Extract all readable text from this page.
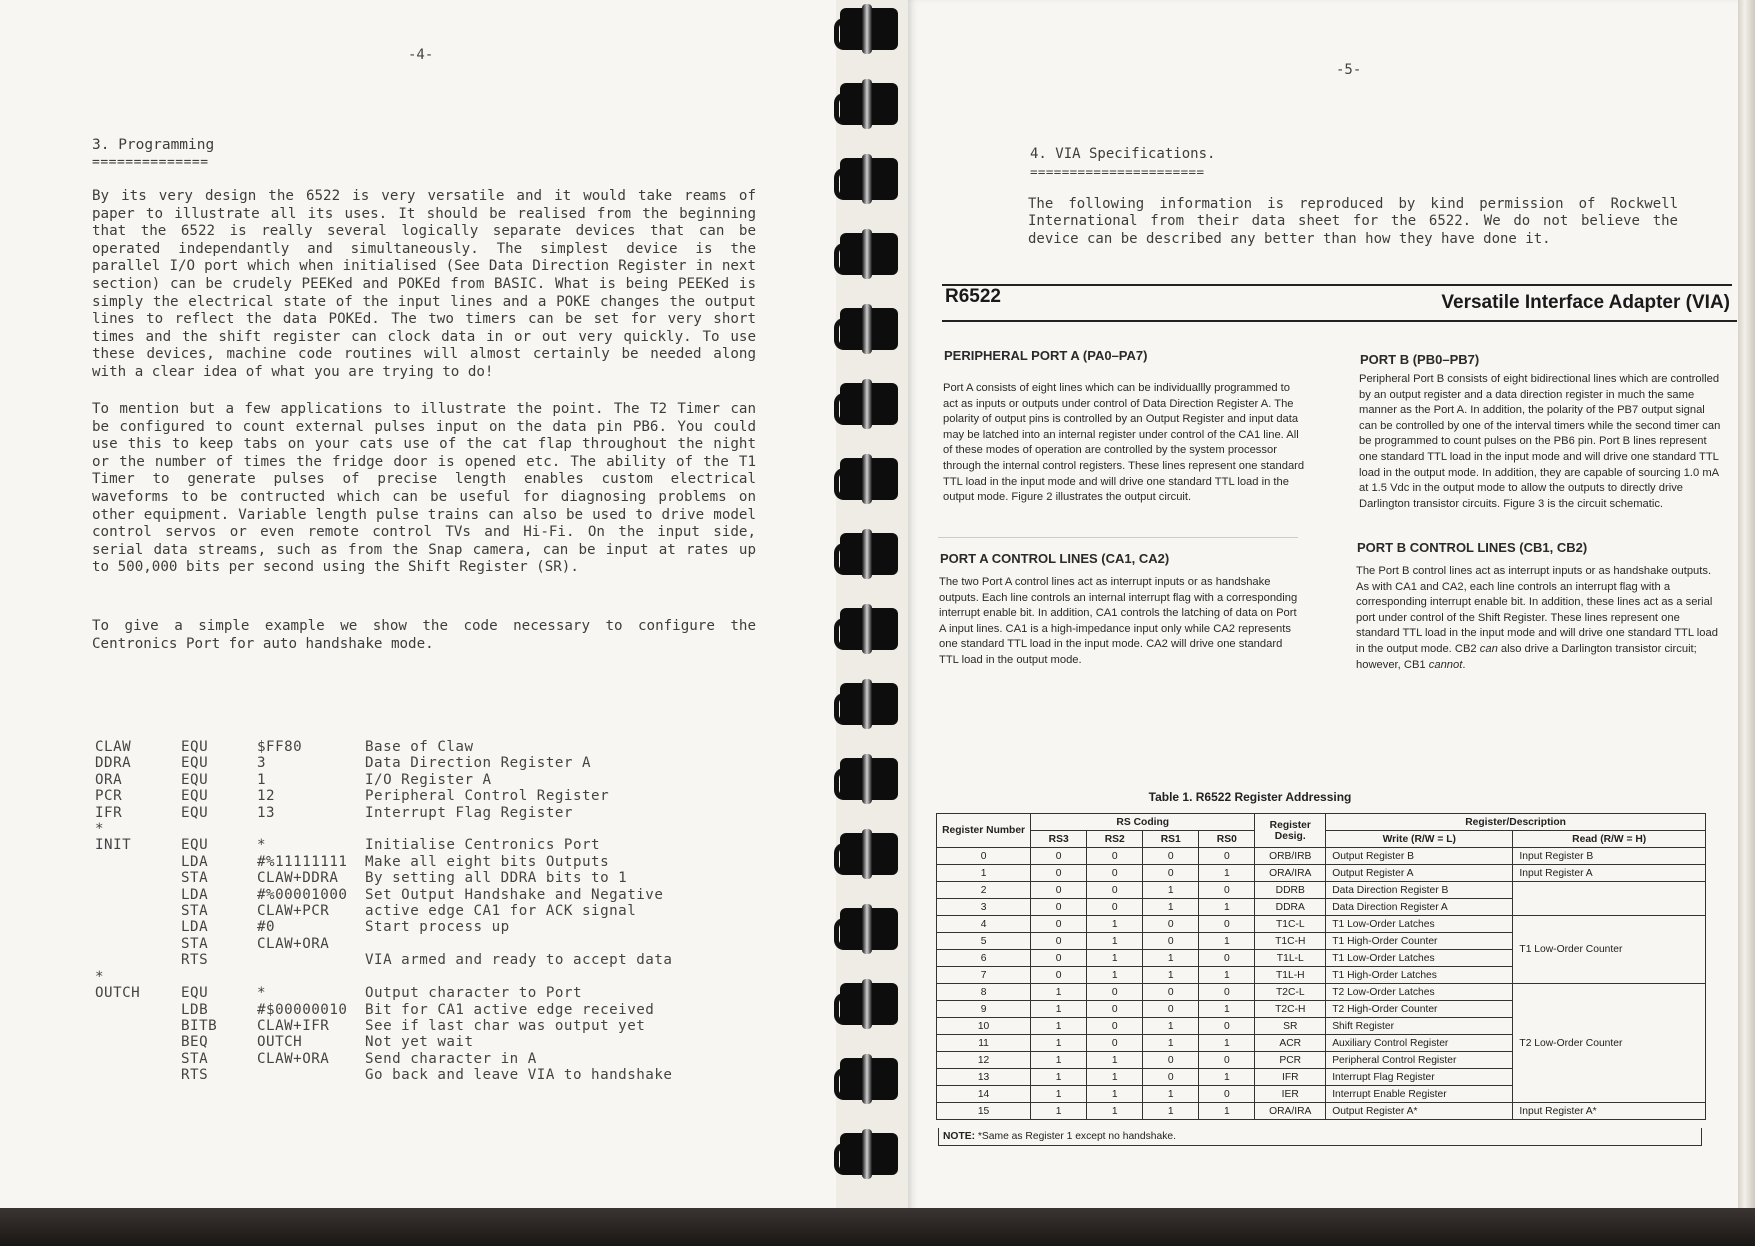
-4-
3. Programming
==============

By its very design the 6522 is very versatile and it would take reams of paper to illustrate all its uses. It should be realised from the beginning that the 6522 is really several logically separate devices that can be operated independantly and simultaneously. The simplest device is the parallel I/O port which when initialised (See Data Direction Register in next section) can be crudely PEEKed and POKEd from BASIC. What is being PEEKed is simply the electrical state of the input lines and a POKE changes the output lines to reflect the data POKEd. The two timers can be set for very short times and the shift register can clock data in or out very quickly. To use these devices, machine code routines will almost certainly be needed along with a clear idea of what you are trying to do!

To mention but a few applications to illustrate the point. The T2 Timer can be configured to count external pulses input on the data pin PB6. You could use this to keep tabs on your cats use of the cat flap throughout the night or the number of times the fridge door is opened etc. The ability of the T1 Timer to generate pulses of precise length enables custom electrical waveforms to be contructed which can be useful for diagnosing problems on other equipment. Variable length pulse trains can also be used to drive model control servos or even remote control TVs and Hi-Fi. On the input side, serial data streams, such as from the Snap camera, can be input at rates up to 500,000 bits per second using the Shift Register (SR).

To give a simple example we show the code necessary to configure the Centronics Port for auto handshake mode.

CLAW	EQU	$FF80	Base of Claw
DDRA	EQU	3	Data Direction Register A
ORA	EQU	1	I/O Register A
PCR	EQU	12	Peripheral Control Register
IFR	EQU	13	Interrupt Flag Register
*			
INIT	EQU	*	Initialise Centronics Port
	LDA	#%11111111	Make all eight bits Outputs
	STA	CLAW+DDRA	By setting all DDRA bits to 1
	LDA	#%00001000	Set Output Handshake and Negative
	STA	CLAW+PCR	active edge CA1 for ACK signal
	LDA	#0	Start process up
	STA	CLAW+ORA	
	RTS		VIA armed and ready to accept data
*			
OUTCH	EQU	*	Output character to Port
	LDB	#$00000010	Bit for CA1 active edge received
	BITB	CLAW+IFR	See if last char was output yet
	BEQ	OUTCH	Not yet wait
	STA	CLAW+ORA	Send character in A
	RTS		Go back and leave VIA to handshake
-5-
4. VIA Specifications.
======================

The following information is reproduced by kind permission of Rockwell International from their data sheet for the 6522. We do not believe the device can be described any better than how they have done it.

R6522	Versatile Interface Adapter (VIA)
PERIPHERAL PORT A (PA0–PA7)

Port A consists of eight lines which can be individuallly programmed to act as inputs or outputs under control of Data Direction Register A. The polarity of output pins is controlled by an Output Register and input data may be latched into an internal register under control of the CA1 line. All of these modes of operation are controlled by the system processor through the internal control registers. These lines represent one standard TTL load in the input mode and will drive one standard TTL load in the output mode. Figure 2 illustrates the output circuit.

PORT A CONTROL LINES (CA1, CA2)

The two Port A control lines act as interrupt inputs or as handshake outputs. Each line controls an internal interrupt flag with a corresponding interrupt enable bit. In addition, CA1 controls the latching of data on Port A input lines. CA1 is a high-impedance input only while CA2 represents one standard TTL load in the input mode. CA2 will drive one standard TTL load in the output mode.

PORT B (PB0–PB7)

Peripheral Port B consists of eight bidirectional lines which are controlled by an output register and a data direction register in much the same manner as the Port A. In addition, the polarity of the PB7 output signal can be controlled by one of the interval timers while the second timer can be programmed to count pulses on the PB6 pin. Port B lines represent one standard TTL load in the input mode and will drive one standard TTL load in the output mode. In addition, they are capable of sourcing 1.0 mA at 1.5 Vdc in the output mode to allow the outputs to directly drive Darlington transistor circuits. Figure 3 is the circuit schematic.

PORT B CONTROL LINES (CB1, CB2)

The Port B control lines act as interrupt inputs or as handshake outputs. As with CA1 and CA2, each line controls an interrupt flag with a corresponding interrupt enable bit. In addition, these lines act as a serial port under control of the Shift Register. These lines represent one standard TTL load in the input mode and will drive one standard TTL load in the output mode. CB2 can also drive a Darlington transistor circuit; however, CB1 cannot.

Table 1. R6522 Register Addressing
Register Number	RS Coding				Register Desig.	Register/Description	
	RS3	RS2	RS1	RS0		Write (R/W = L)	Read (R/W = H)
0	0	0	0	0	ORB/IRB	Output Register B	Input Register B
1	0	0	0	1	ORA/IRA	Output Register A	Input Register A
2	0	0	1	0	DDRB	Data Direction Register B	
3	0	0	1	1	DDRA	Data Direction Register A	
4	0	1	0	0	T1C-L	T1 Low-Order Latches	T1 Low-Order Counter
5	0	1	0	1	T1C-H	T1 High-Order Counter	
6	0	1	1	0	T1L-L	T1 Low-Order Latches	
7	0	1	1	1	T1L-H	T1 High-Order Latches	
8	1	0	0	0	T2C-L	T2 Low-Order Latches	T2 Low-Order Counter
9	1	0	0	1	T2C-H	T2 High-Order Counter	
10	1	0	1	0	SR	Shift Register	
11	1	0	1	1	ACR	Auxiliary Control Register	
12	1	1	0	0	PCR	Peripheral Control Register	
13	1	1	0	1	IFR	Interrupt Flag Register	
14	1	1	1	0	IER	Interrupt Enable Register	
15	1	1	1	1	ORA/IRA	Output Register A*	Input Register A*
NOTE: *Same as Register 1 except no handshake.
